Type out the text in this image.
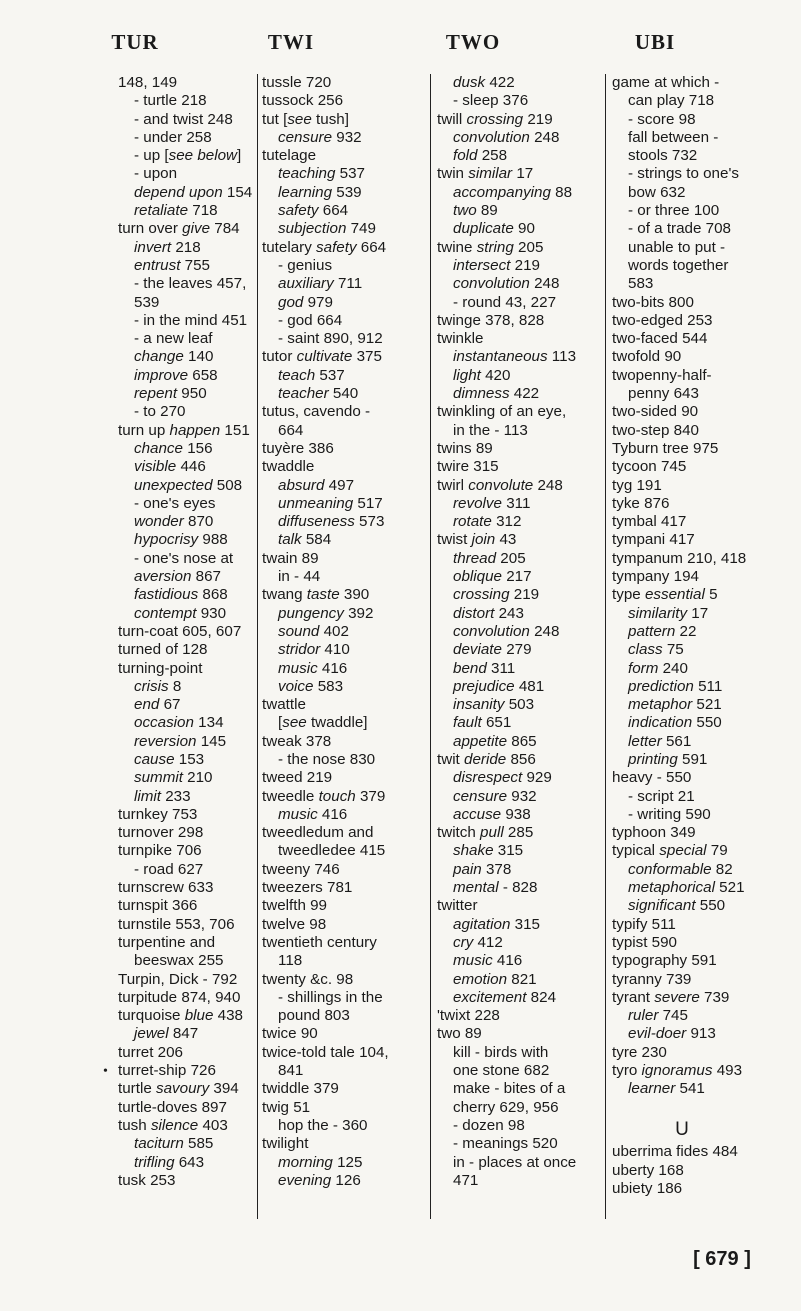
TUR	TWI	TWO	UBI
•
148, 149
- turtle 218
- and twist 248
- under 258
- up [see below]
- upon
depend upon 154
retaliate 718
turn over give 784
invert 218
entrust 755
- the leaves 457,
539
- in the mind 451
- a new leaf
change 140
improve 658
repent 950
- to 270
turn up happen 151
chance 156
visible 446
unexpected 508
- one's eyes
wonder 870
hypocrisy 988
- one's nose at
aversion 867
fastidious 868
contempt 930
turn-coat 605, 607
turned of 128
turning-point
crisis 8
end 67
occasion 134
reversion 145
cause 153
summit 210
limit 233
turnkey 753
turnover 298
turnpike 706
- road 627
turnscrew 633
turnspit 366
turnstile 553, 706
turpentine and
beeswax 255
Turpin, Dick - 792
turpitude 874, 940
turquoise blue 438
jewel 847
turret 206
turret-ship 726
turtle savoury 394
turtle-doves 897
tush silence 403
taciturn 585
trifling 643
tusk 253
tussle 720
tussock 256
tut [see tush]
censure 932
tutelage
teaching 537
learning 539
safety 664
subjection 749
tutelary safety 664
- genius
auxiliary 711
god 979
- god 664
- saint 890, 912
tutor cultivate 375
teach 537
teacher 540
tutus, cavendo -
664
tuyère 386
twaddle
absurd 497
unmeaning 517
diffuseness 573
talk 584
twain 89
in - 44
twang taste 390
pungency 392
sound 402
stridor 410
music 416
voice 583
twattle
[see twaddle]
tweak 378
- the nose 830
tweed 219
tweedle touch 379
music 416
tweedledum and
tweedledee 415
tweeny 746
tweezers 781
twelfth 99
twelve 98
twentieth century
118
twenty &c. 98
- shillings in the
pound 803
twice 90
twice-told tale 104,
841
twiddle 379
twig 51
hop the - 360
twilight
morning 125
evening 126
dusk 422
- sleep 376
twill crossing 219
convolution 248
fold 258
twin similar 17
accompanying 88
two 89
duplicate 90
twine string 205
intersect 219
convolution 248
- round 43, 227
twinge 378, 828
twinkle
instantaneous 113
light 420
dimness 422
twinkling of an eye,
in the - 113
twins 89
twire 315
twirl convolute 248
revolve 311
rotate 312
twist join 43
thread 205
oblique 217
crossing 219
distort 243
convolution 248
deviate 279
bend 311
prejudice 481
insanity 503
fault 651
appetite 865
twit deride 856
disrespect 929
censure 932
accuse 938
twitch pull 285
shake 315
pain 378
mental - 828
twitter
agitation 315
cry 412
music 416
emotion 821
excitement 824
'twixt 228
two 89
kill - birds with
one stone 682
make - bites of a
cherry 629, 956
- dozen 98
- meanings 520
in - places at once
471
game at which -
can play 718
- score 98
fall between -
stools 732
- strings to one's
bow 632
- or three 100
- of a trade 708
unable to put -
words together
583
two-bits 800
two-edged 253
two-faced 544
twofold 90
twopenny-half-
penny 643
two-sided 90
two-step 840
Tyburn tree 975
tycoon 745
tyg 191
tyke 876
tymbal 417
tympani 417
tympanum 210, 418
tympany 194
type essential 5
similarity 17
pattern 22
class 75
form 240
prediction 511
metaphor 521
indication 550
letter 561
printing 591
heavy - 550
- script 21
- writing 590
typhoon 349
typical special 79
conformable 82
metaphorical 521
significant 550
typify 511
typist 590
typography 591
tyranny 739
tyrant severe 739
ruler 745
evil-doer 913
tyre 230
tyro ignoramus 493
learner 541

U
uberrima fides 484
uberty 168
ubiety 186
[ 679 ]
